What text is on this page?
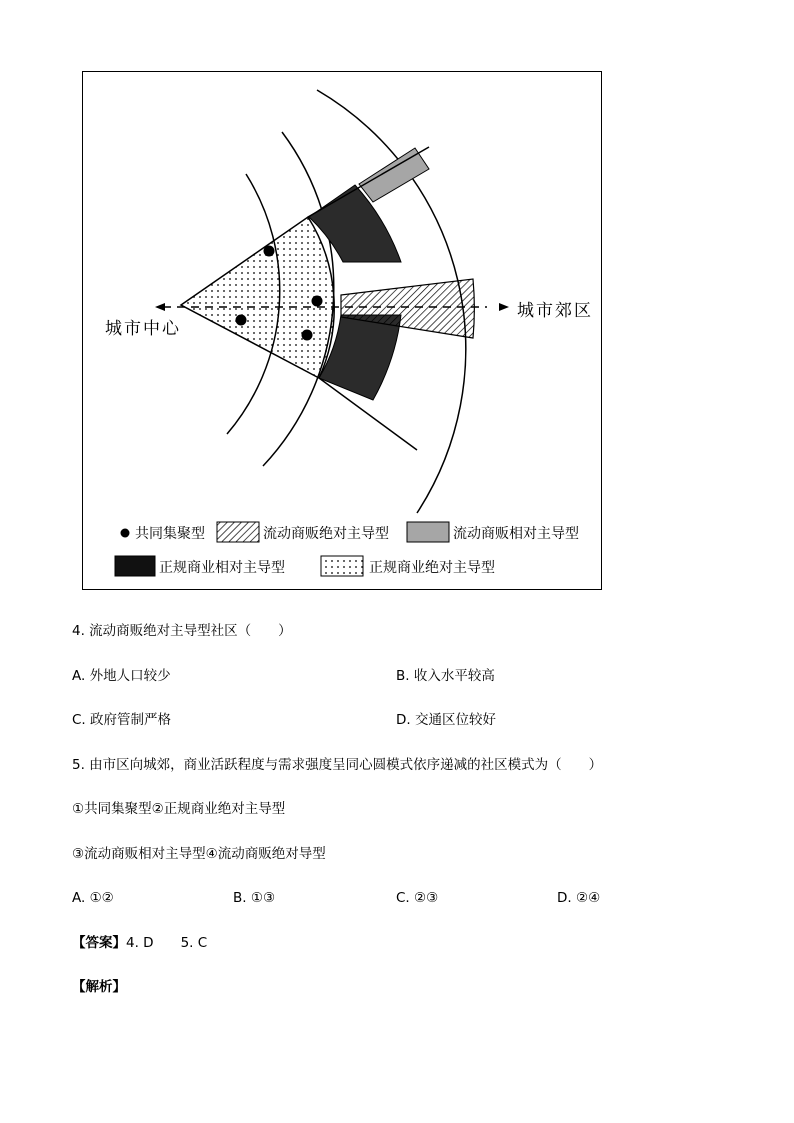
城市中心
城市郊区
共同集聚型	流动商贩绝对主导型	流动商贩相对主导型
正规商业相对主导型	正规商业绝对主导型
4. 流动商贩绝对主导型社区（　　）
A. 外地人口较少	B. 收入水平较高
C. 政府管制严格	D. 交通区位较好
5. 由市区向城郊，商业活跃程度与需求强度呈同心圆模式依序递减的社区模式为（　　）
①共同集聚型②正规商业绝对主导型
③流动商贩相对主导型④流动商贩绝对导型
A. ①②	B. ①③	C. ②③	D. ②④
【答案】4. D　　5. C
【解析】
